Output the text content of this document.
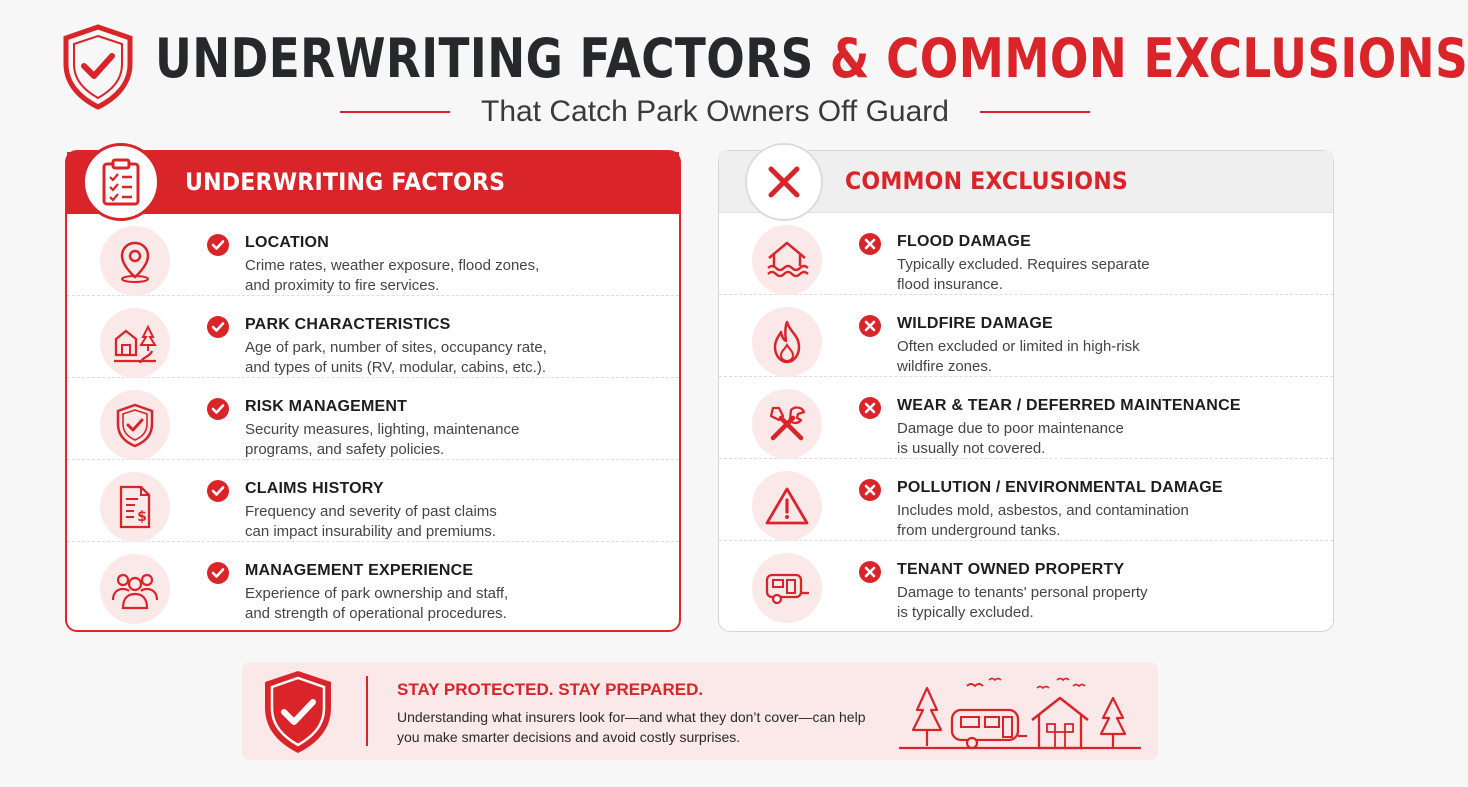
UNDERWRITING FACTORS & COMMON EXCLUSIONS
That Catch Park Owners Off Guard
UNDERWRITING FACTORS
LOCATION
Crime rates, weather exposure, flood zones,
and proximity to fire services.
PARK CHARACTERISTICS
Age of park, number of sites, occupancy rate,
and types of units (RV, modular, cabins, etc.).
RISK MANAGEMENT
Security measures, lighting, maintenance
programs, and safety policies.
$
CLAIMS HISTORY
Frequency and severity of past claims
can impact insurability and premiums.
MANAGEMENT EXPERIENCE
Experience of park ownership and staff,
and strength of operational procedures.
COMMON EXCLUSIONS
FLOOD DAMAGE
Typically excluded. Requires separate
flood insurance.
WILDFIRE DAMAGE
Often excluded or limited in high-risk
wildfire zones.
WEAR & TEAR / DEFERRED MAINTENANCE
Damage due to poor maintenance
is usually not covered.
POLLUTION / ENVIRONMENTAL DAMAGE
Includes mold, asbestos, and contamination
from underground tanks.
TENANT OWNED PROPERTY
Damage to tenants' personal property
is typically excluded.
STAY PROTECTED. STAY PREPARED.
Understanding what insurers look for—and what they don’t cover—can help
you make smarter decisions and avoid costly surprises.
